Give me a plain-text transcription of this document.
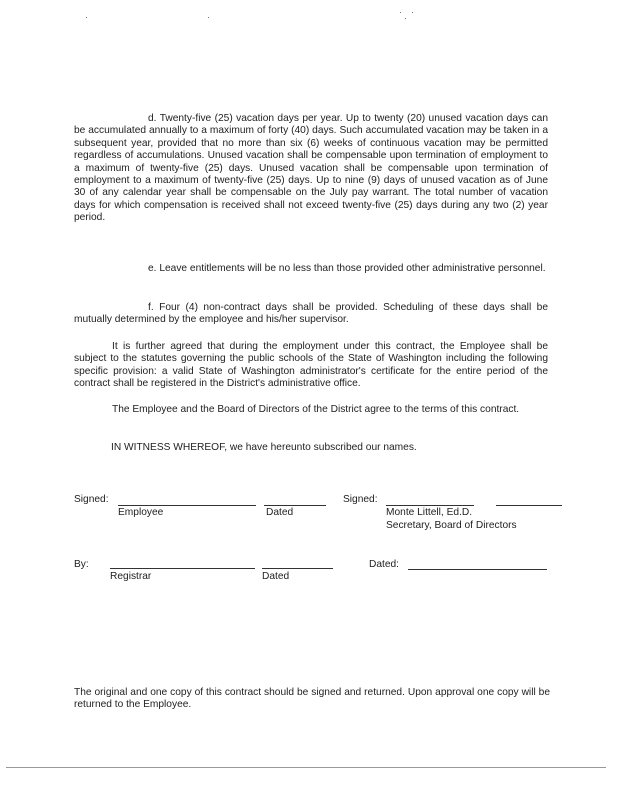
d. Twenty-five (25) vacation days per year. Up to twenty (20) unused vacation days can be accumulated annually to a maximum of forty (40) days. Such accumulated vacation may be taken in a subsequent year, provided that no more than six (6) weeks of continuous vacation may be permitted regardless of accumulations. Unused vacation shall be compensable upon termination of employment to a maximum of twenty-five (25) days. Unused vacation shall be compensable upon termination of employment to a maximum of twenty-five (25) days. Up to nine (9) days of unused vacation as of June 30 of any calendar year shall be compensable on the July pay warrant. The total number of vacation days for which compensation is received shall not exceed twenty-five (25) days during any two (2) year period.
e. Leave entitlements will be no less than those provided other administrative personnel.
f. Four (4) non-contract days shall be provided. Scheduling of these days shall be mutually determined by the employee and his/her supervisor.
It is further agreed that during the employment under this contract, the Employee shall be subject to the statutes governing the public schools of the State of Washington including the following specific provision: a valid State of Washington administrator's certificate for the entire period of the contract shall be registered in the District's administrative office.
The Employee and the Board of Directors of the District agree to the terms of this contract.
IN WITNESS WHEREOF, we have hereunto subscribed our names.
Signed:
Employee	Dated
Signed:
Monte Littell, Ed.D.
Secretary, Board of Directors
By:
Registrar	Dated
Dated:
The original and one copy of this contract should be signed and returned. Upon approval one copy will be returned to the Employee.
